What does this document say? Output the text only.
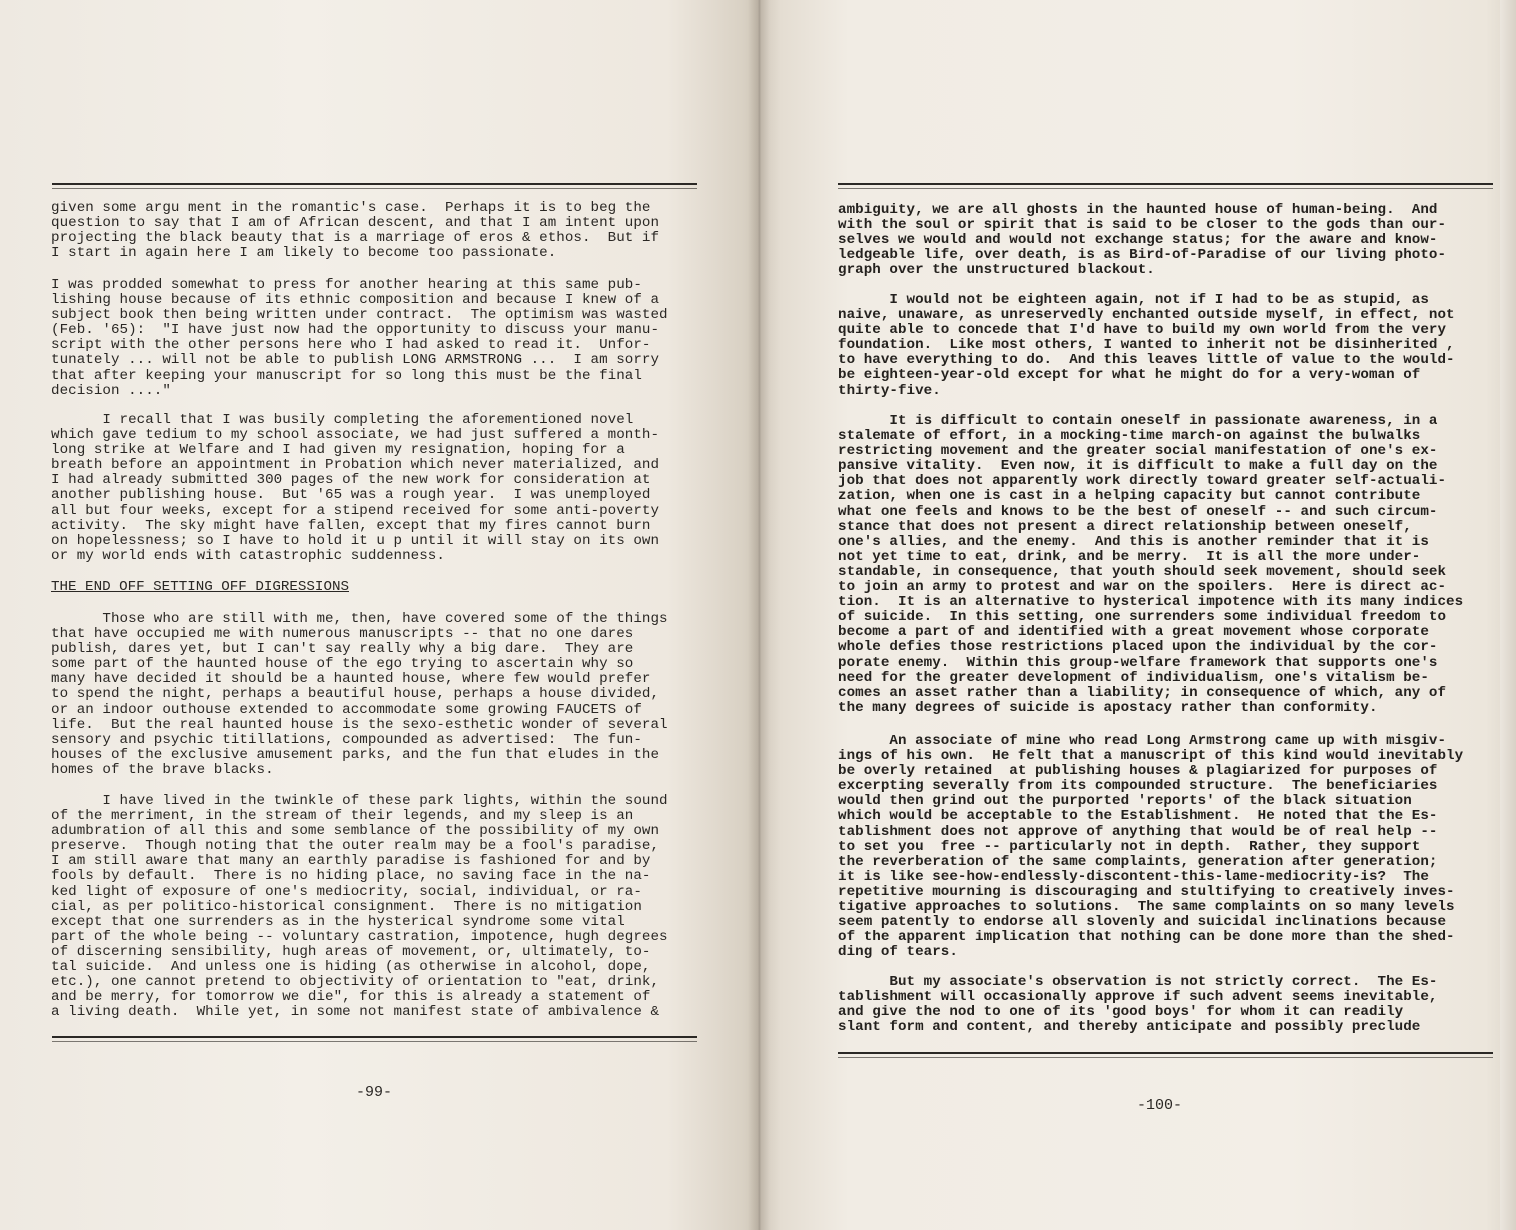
given some argu ment in the romantic's case.  Perhaps it is to beg the
question to say that I am of African descent, and that I am intent upon
projecting the black beauty that is a marriage of eros & ethos.  But if
I start in again here I am likely to become too passionate.
I was prodded somewhat to press for another hearing at this same pub-
lishing house because of its ethnic composition and because I knew of a
subject book then being written under contract.  The optimism was wasted
(Feb. '65):  "I have just now had the opportunity to discuss your manu-
script with the other persons here who I had asked to read it.  Unfor-
tunately ... will not be able to publish LONG ARMSTRONG ...  I am sorry
that after keeping your manuscript for so long this must be the final
decision ...."
I recall that I was busily completing the aforementioned novel
which gave tedium to my school associate, we had just suffered a month-
long strike at Welfare and I had given my resignation, hoping for a
breath before an appointment in Probation which never materialized, and
I had already submitted 300 pages of the new work for consideration at
another publishing house.  But '65 was a rough year.  I was unemployed
all but four weeks, except for a stipend received for some anti-poverty
activity.  The sky might have fallen, except that my fires cannot burn
on hopelessness; so I have to hold it u p until it will stay on its own
or my world ends with catastrophic suddenness.
THE END OFF SETTING OFF DIGRESSIONS
Those who are still with me, then, have covered some of the things
that have occupied me with numerous manuscripts -- that no one dares
publish, dares yet, but I can't say really why a big dare.  They are
some part of the haunted house of the ego trying to ascertain why so
many have decided it should be a haunted house, where few would prefer
to spend the night, perhaps a beautiful house, perhaps a house divided,
or an indoor outhouse extended to accommodate some growing FAUCETS of
life.  But the real haunted house is the sexo-esthetic wonder of several
sensory and psychic titillations, compounded as advertised:  The fun-
houses of the exclusive amusement parks, and the fun that eludes in the
homes of the brave blacks.
I have lived in the twinkle of these park lights, within the sound
of the merriment, in the stream of their legends, and my sleep is an
adumbration of all this and some semblance of the possibility of my own
preserve.  Though noting that the outer realm may be a fool's paradise,
I am still aware that many an earthly paradise is fashioned for and by
fools by default.  There is no hiding place, no saving face in the na-
ked light of exposure of one's mediocrity, social, individual, or ra-
cial, as per politico-historical consignment.  There is no mitigation
except that one surrenders as in the hysterical syndrome some vital
part of the whole being -- voluntary castration, impotence, hugh degrees
of discerning sensibility, hugh areas of movement, or, ultimately, to-
tal suicide.  And unless one is hiding (as otherwise in alcohol, dope,
etc.), one cannot pretend to objectivity of orientation to "eat, drink,
and be merry, for tomorrow we die", for this is already a statement of
a living death.  While yet, in some not manifest state of ambivalence &
-99-
ambiguity, we are all ghosts in the haunted house of human-being.  And
with the soul or spirit that is said to be closer to the gods than our-
selves we would and would not exchange status; for the aware and know-
ledgeable life, over death, is as Bird-of-Paradise of our living photo-
graph over the unstructured blackout.
I would not be eighteen again, not if I had to be as stupid, as
naive, unaware, as unreservedly enchanted outside myself, in effect, not
quite able to concede that I'd have to build my own world from the very
foundation.  Like most others, I wanted to inherit not be disinherited ,
to have everything to do.  And this leaves little of value to the would-
be eighteen-year-old except for what he might do for a very-woman of
thirty-five.
It is difficult to contain oneself in passionate awareness, in a
stalemate of effort, in a mocking-time march-on against the bulwalks
restricting movement and the greater social manifestation of one's ex-
pansive vitality.  Even now, it is difficult to make a full day on the
job that does not apparently work directly toward greater self-actuali-
zation, when one is cast in a helping capacity but cannot contribute
what one feels and knows to be the best of oneself -- and such circum-
stance that does not present a direct relationship between oneself,
one's allies, and the enemy.  And this is another reminder that it is
not yet time to eat, drink, and be merry.  It is all the more under-
standable, in consequence, that youth should seek movement, should seek
to join an army to protest and war on the spoilers.  Here is direct ac-
tion.  It is an alternative to hysterical impotence with its many indices
of suicide.  In this setting, one surrenders some individual freedom to
become a part of and identified with a great movement whose corporate
whole defies those restrictions placed upon the individual by the cor-
porate enemy.  Within this group-welfare framework that supports one's
need for the greater development of individualism, one's vitalism be-
comes an asset rather than a liability; in consequence of which, any of
the many degrees of suicide is apostacy rather than conformity.
An associate of mine who read Long Armstrong came up with misgiv-
ings of his own.  He felt that a manuscript of this kind would inevitably
be overly retained  at publishing houses & plagiarized for purposes of
excerpting severally from its compounded structure.  The beneficiaries
would then grind out the purported 'reports' of the black situation
which would be acceptable to the Establishment.  He noted that the Es-
tablishment does not approve of anything that would be of real help --
to set you  free -- particularly not in depth.  Rather, they support
the reverberation of the same complaints, generation after generation;
it is like see-how-endlessly-discontent-this-lame-mediocrity-is?  The
repetitive mourning is discouraging and stultifying to creatively inves-
tigative approaches to solutions.  The same complaints on so many levels
seem patently to endorse all slovenly and suicidal inclinations because
of the apparent implication that nothing can be done more than the shed-
ding of tears.
But my associate's observation is not strictly correct.  The Es-
tablishment will occasionally approve if such advent seems inevitable,
and give the nod to one of its 'good boys' for whom it can readily
slant form and content, and thereby anticipate and possibly preclude
-100-
